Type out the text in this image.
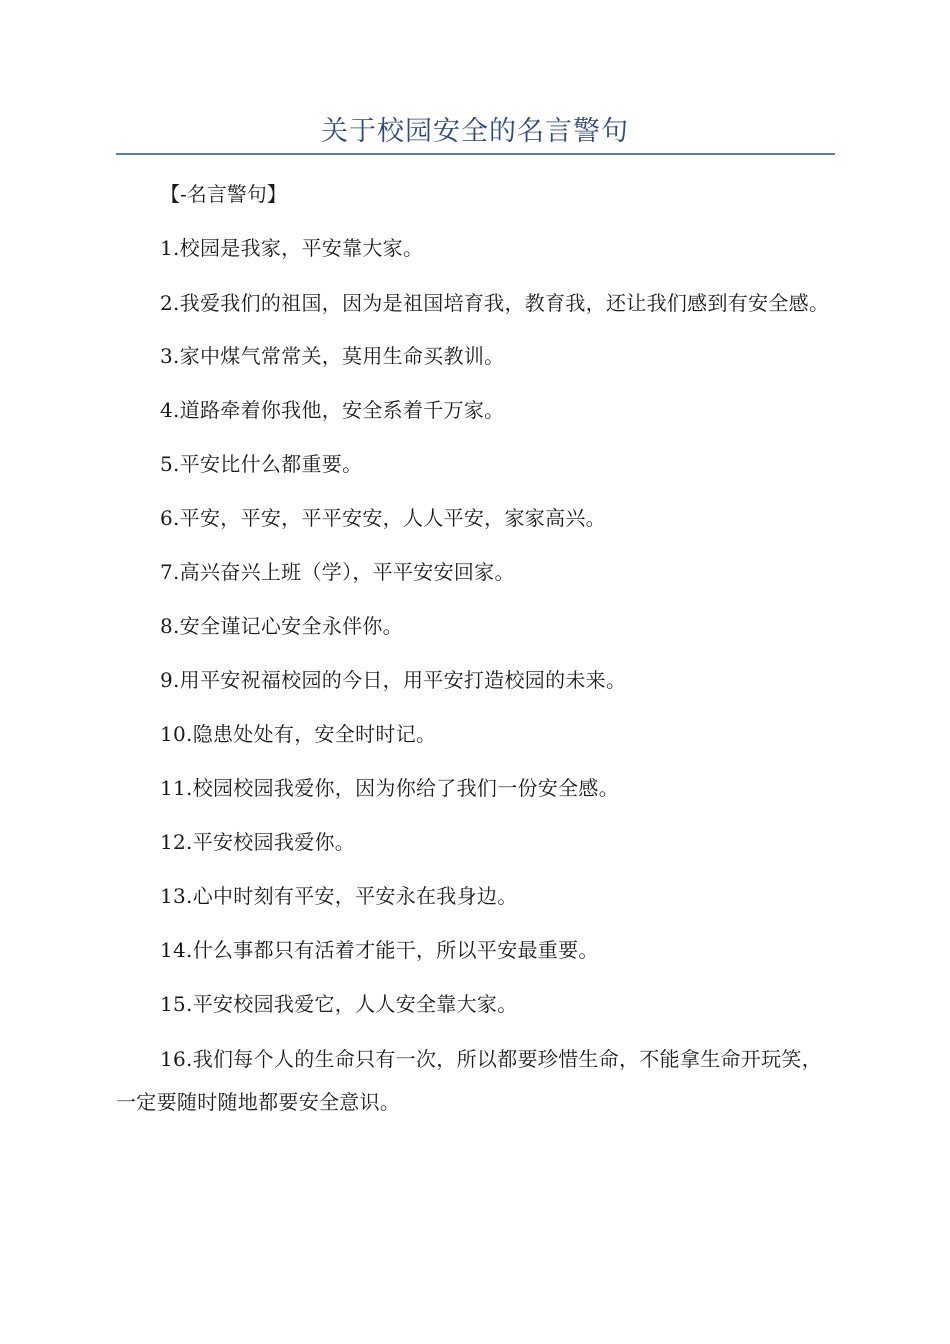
关于校园安全的名言警句
【-名言警句】
1.校园是我家，平安靠大家。
2.我爱我们的祖国，因为是祖国培育我，教育我，还让我们感到有安全感。
3.家中煤气常常关，莫用生命买教训。
4.道路牵着你我他，安全系着千万家。
5.平安比什么都重要。
6.平安，平安，平平安安，人人平安，家家高兴。
7.高兴奋兴上班（学），平平安安回家。
8.安全谨记心安全永伴你。
9.用平安祝福校园的今日，用平安打造校园的未来。
10.隐患处处有，安全时时记。
11.校园校园我爱你，因为你给了我们一份安全感。
12.平安校园我爱你。
13.心中时刻有平安，平安永在我身边。
14.什么事都只有活着才能干，所以平安最重要。
15.平安校园我爱它，人人安全靠大家。
16.我们每个人的生命只有一次，所以都要珍惜生命，不能拿生命开玩笑，一定要随时随地都要安全意识。
